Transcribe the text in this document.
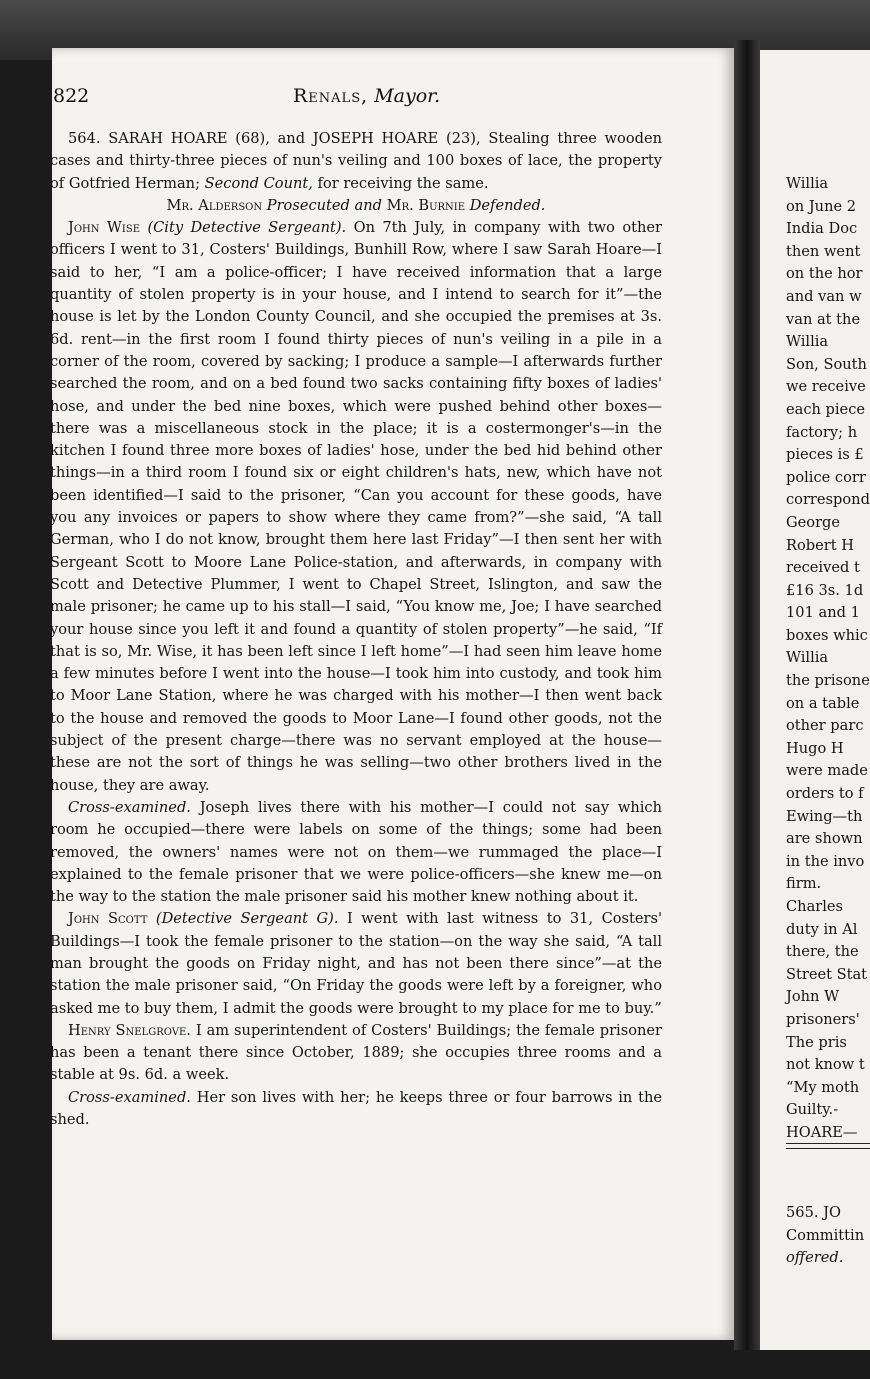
822	Renals, Mayor.

564. SARAH HOARE (68), and JOSEPH HOARE (23), Stealing three wooden cases and thirty-three pieces of nun's veiling and 100 boxes of lace, the property of Gotfried Herman; Second Count, for receiving the same.

Mr. Alderson Prosecuted and Mr. Burnie Defended.

John Wise (City Detective Sergeant). On 7th July, in company with two other officers I went to 31, Costers' Buildings, Bunhill Row, where I saw Sarah Hoare—I said to her, “I am a police-officer; I have received information that a large quantity of stolen property is in your house, and I intend to search for it”—the house is let by the London County Council, and she occupied the premises at 3s. 6d. rent—in the first room I found thirty pieces of nun's veiling in a pile in a corner of the room, covered by sacking; I produce a sample—I afterwards further searched the room, and on a bed found two sacks containing fifty boxes of ladies' hose, and under the bed nine boxes, which were pushed behind other boxes—there was a miscellaneous stock in the place; it is a costermonger's—in the kitchen I found three more boxes of ladies' hose, under the bed hid behind other things—in a third room I found six or eight children's hats, new, which have not been identified—I said to the prisoner, “Can you account for these goods, have you any invoices or papers to show where they came from?”—she said, “A tall German, who I do not know, brought them here last Friday”—I then sent her with Sergeant Scott to Moore Lane Police-station, and afterwards, in company with Scott and Detective Plummer, I went to Chapel Street, Islington, and saw the male prisoner; he came up to his stall—I said, “You know me, Joe; I have searched your house since you left it and found a quantity of stolen property”—he said, “If that is so, Mr. Wise, it has been left since I left home”—I had seen him leave home a few minutes before I went into the house—I took him into custody, and took him to Moor Lane Station, where he was charged with his mother—I then went back to the house and removed the goods to Moor Lane—I found other goods, not the subject of the present charge—there was no servant employed at the house—these are not the sort of things he was selling—two other brothers lived in the house, they are away.

Cross-examined. Joseph lives there with his mother—I could not say which room he occupied—there were labels on some of the things; some had been removed, the owners' names were not on them—we rummaged the place—I explained to the female prisoner that we were police-officers—she knew me—on the way to the station the male prisoner said his mother knew nothing about it.

John Scott (Detective Sergeant G). I went with last witness to 31, Costers' Buildings—I took the female prisoner to the station—on the way she said, “A tall man brought the goods on Friday night, and has not been there since”—at the station the male prisoner said, “On Friday the goods were left by a foreigner, who asked me to buy them, I admit the goods were brought to my place for me to buy.”

Henry Snelgrove. I am superintendent of Costers' Buildings; the female prisoner has been a tenant there since October, 1889; she occupies three rooms and a stable at 9s. 6d. a week.

Cross-examined. Her son lives with her; he keeps three or four barrows in the shed.

Willia
on June 2
India Doc
then went
on the hor
and van w
van at the
Willia
Son, South
we receive
each piece
factory; h
pieces is £
police corr
correspond
George
Robert H
received t
£16 3s. 1d
101 and 1
boxes whic
Willia
the prisone
on a table
other parc
Hugo H
were made
orders to f
Ewing—th
are shown
in the invo
firm.
Charles
duty in Al
there, the
Street Stat
John W
prisoners'
The pris
not know t
“My moth
Guilty.-
HOARE—
565. JO
Committin
offered.
